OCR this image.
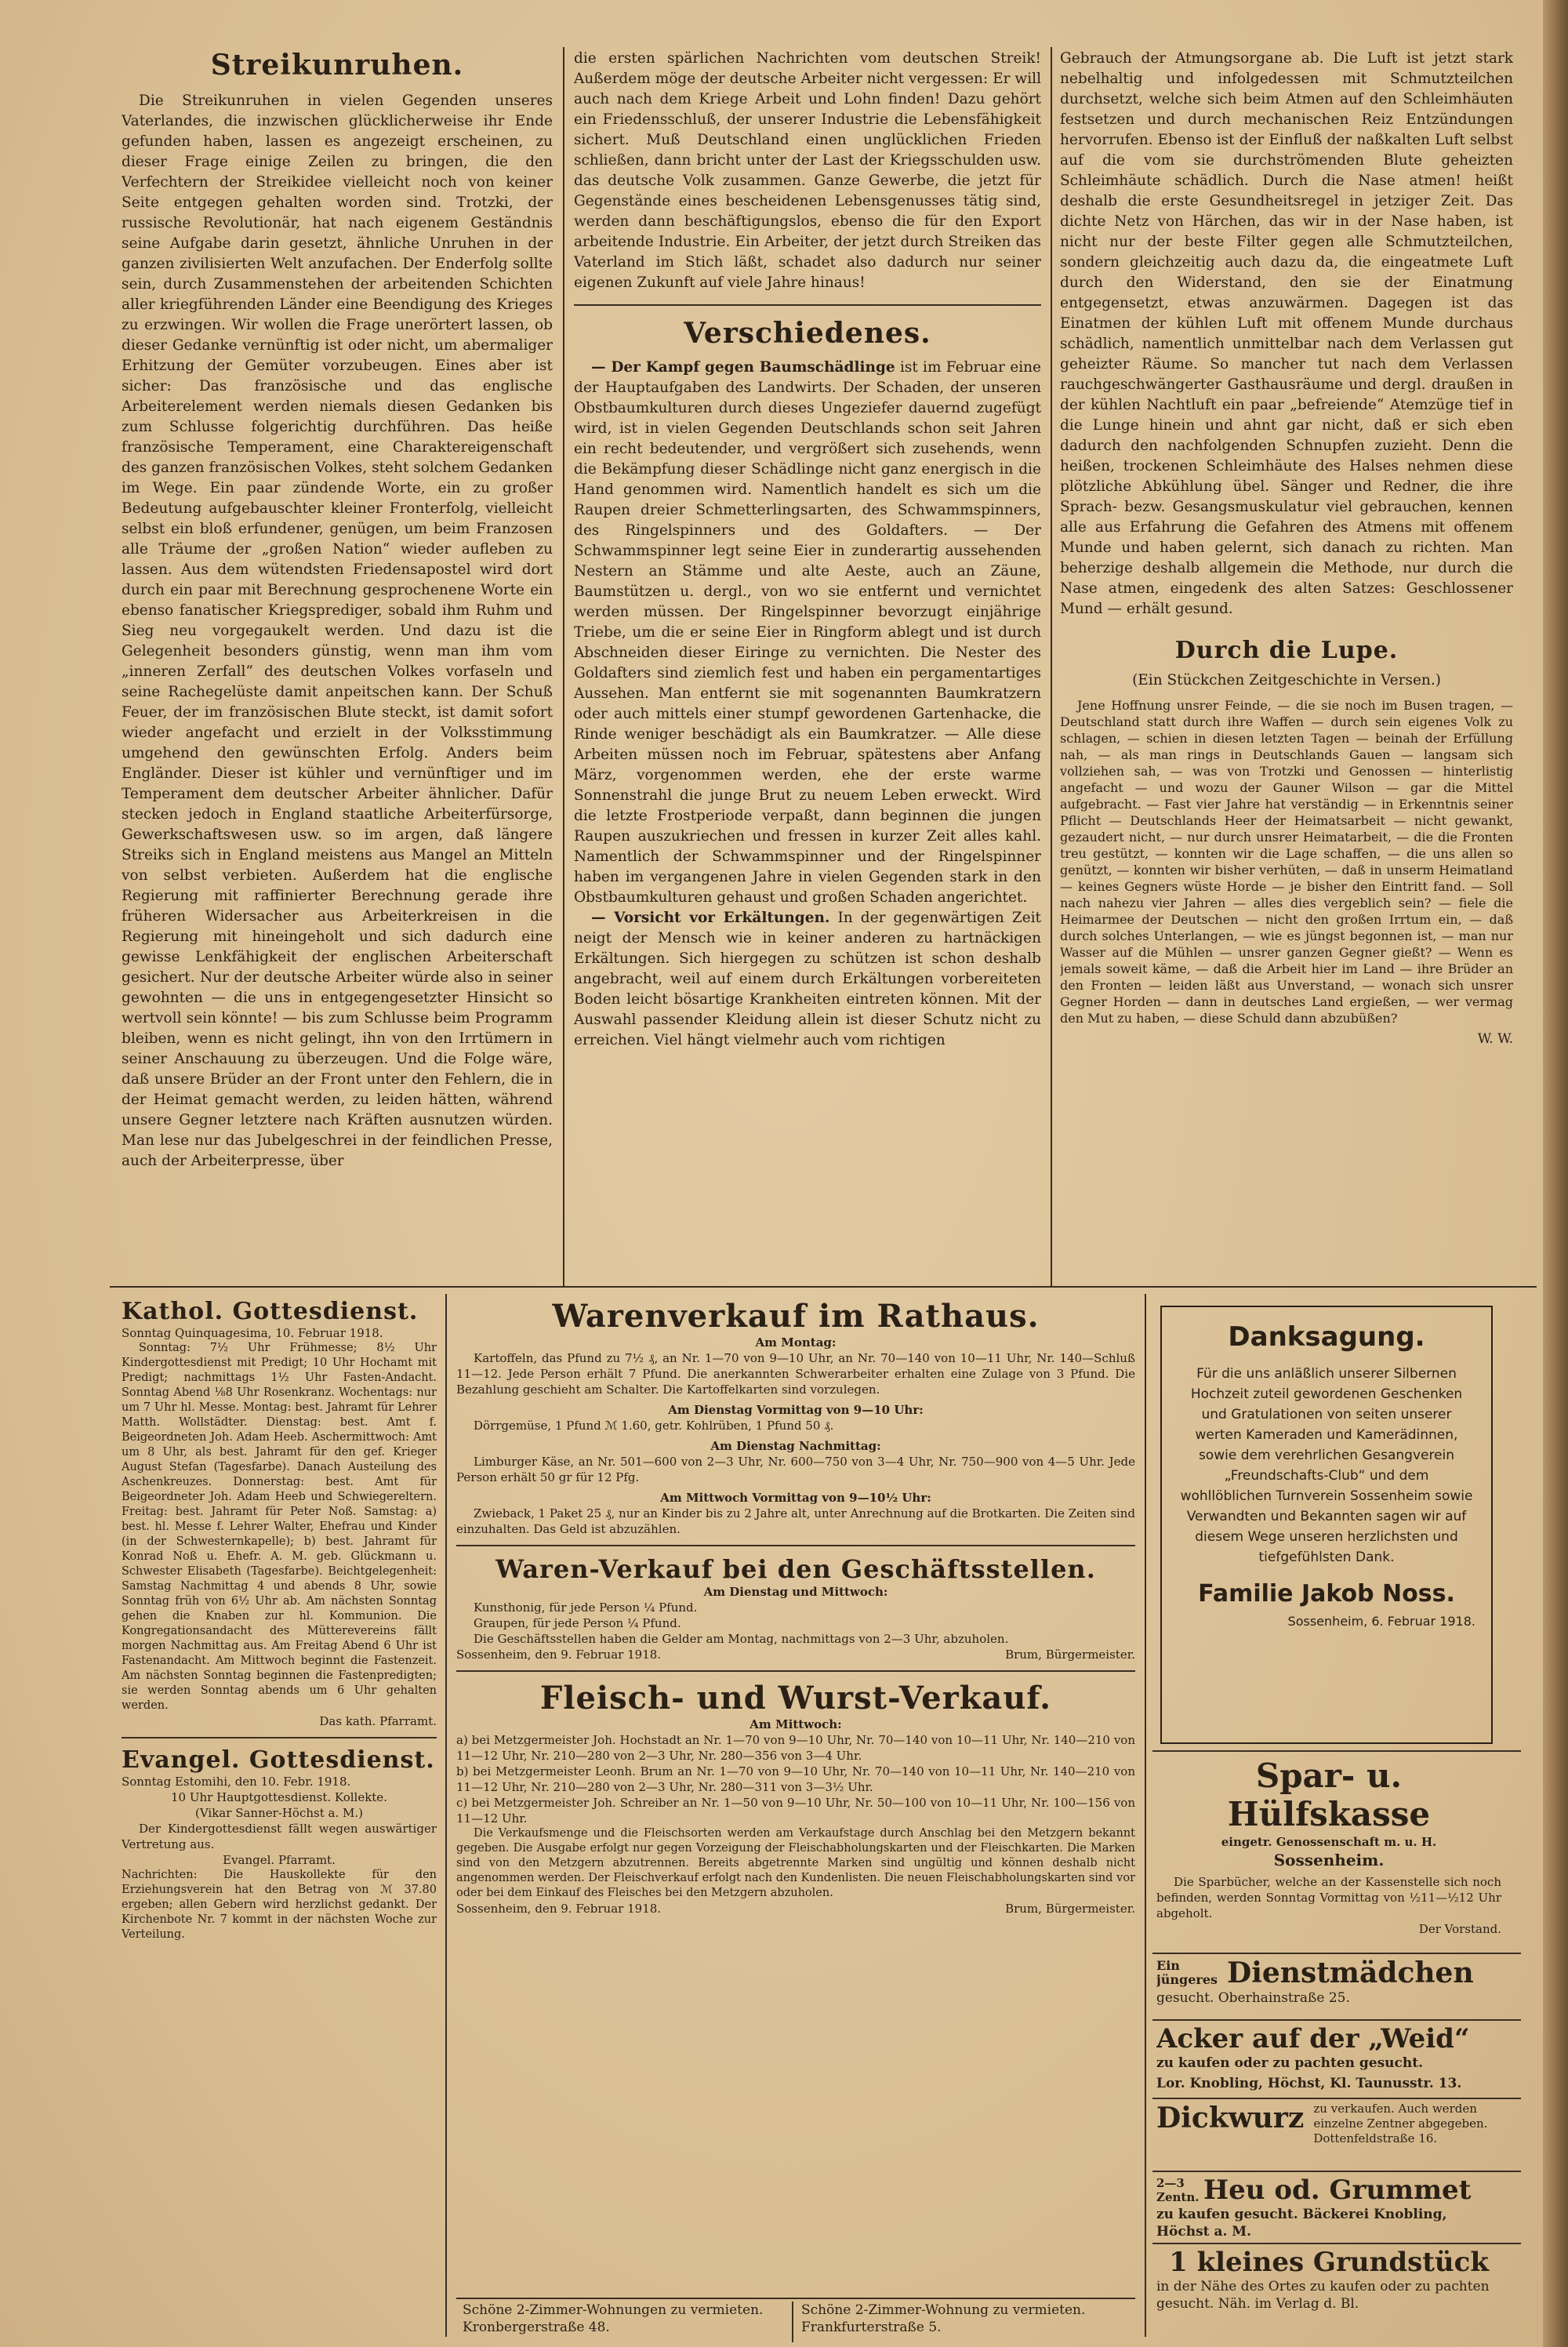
Streikunruhen.

Die Streikunruhen in vielen Gegenden unseres Vaterlandes, die inzwischen glücklicherweise ihr Ende gefunden haben, lassen es angezeigt erscheinen, zu dieser Frage einige Zeilen zu bringen, die den Verfechtern der Streikidee vielleicht noch von keiner Seite entgegen gehalten worden sind. Trotzki, der russische Revolutionär, hat nach eigenem Geständnis seine Aufgabe darin gesetzt, ähnliche Unruhen in der ganzen zivilisierten Welt anzufachen. Der Enderfolg sollte sein, durch Zusammenstehen der arbeitenden Schichten aller kriegführenden Länder eine Beendigung des Krieges zu erzwingen. Wir wollen die Frage unerörtert lassen, ob dieser Gedanke vernünftig ist oder nicht, um abermaliger Erhitzung der Gemüter vorzubeugen. Eines aber ist sicher: Das französische und das englische Arbeiterelement werden niemals diesen Gedanken bis zum Schlusse folgerichtig durchführen. Das heiße französische Temperament, eine Charaktereigenschaft des ganzen französischen Volkes, steht solchem Gedanken im Wege. Ein paar zündende Worte, ein zu großer Bedeutung aufgebauschter kleiner Fronterfolg, vielleicht selbst ein bloß erfundener, genügen, um beim Franzosen alle Träume der „großen Nation“ wieder aufleben zu lassen. Aus dem wütendsten Friedensapostel wird dort durch ein paar mit Berechnung gesprochenene Worte ein ebenso fanatischer Kriegsprediger, sobald ihm Ruhm und Sieg neu vorgegaukelt werden. Und dazu ist die Gelegenheit besonders günstig, wenn man ihm vom „inneren Zerfall“ des deutschen Volkes vorfaseln und seine Rachegelüste damit anpeitschen kann. Der Schuß Feuer, der im französischen Blute steckt, ist damit sofort wieder angefacht und erzielt in der Volksstimmung umgehend den gewünschten Erfolg. Anders beim Engländer. Dieser ist kühler und vernünftiger und im Temperament dem deutscher Arbeiter ähnlicher. Dafür stecken jedoch in England staatliche Arbeiterfürsorge, Gewerkschaftswesen usw. so im argen, daß längere Streiks sich in England meistens aus Mangel an Mitteln von selbst verbieten. Außerdem hat die englische Regierung mit raffinierter Berechnung gerade ihre früheren Widersacher aus Arbeiterkreisen in die Regierung mit hineingeholt und sich dadurch eine gewisse Lenkfähigkeit der englischen Arbeiterschaft gesichert. Nur der deutsche Arbeiter würde also in seiner gewohnten — die uns in entgegengesetzter Hinsicht so wertvoll sein könnte! — bis zum Schlusse beim Programm bleiben, wenn es nicht gelingt, ihn von den Irrtümern in seiner Anschauung zu überzeugen. Und die Folge wäre, daß unsere Brüder an der Front unter den Fehlern, die in der Heimat gemacht werden, zu leiden hätten, während unsere Gegner letztere nach Kräften ausnutzen würden. Man lese nur das Jubelgeschrei in der feindlichen Presse, auch der Arbeiterpresse, über

die ersten spärlichen Nachrichten vom deutschen Streik! Außerdem möge der deutsche Arbeiter nicht vergessen: Er will auch nach dem Kriege Arbeit und Lohn finden! Dazu gehört ein Friedensschluß, der unserer Industrie die Lebensfähigkeit sichert. Muß Deutschland einen unglücklichen Frieden schließen, dann bricht unter der Last der Kriegsschulden usw. das deutsche Volk zusammen. Ganze Gewerbe, die jetzt für Gegenstände eines bescheidenen Lebensgenusses tätig sind, werden dann beschäftigungslos, ebenso die für den Export arbeitende Industrie. Ein Arbeiter, der jetzt durch Streiken das Vaterland im Stich läßt, schadet also dadurch nur seiner eigenen Zukunft auf viele Jahre hinaus!

Verschiedenes.

— Der Kampf gegen Baumschädlinge ist im Februar eine der Hauptaufgaben des Landwirts. Der Schaden, der unseren Obstbaumkulturen durch dieses Ungeziefer dauernd zugefügt wird, ist in vielen Gegenden Deutschlands schon seit Jahren ein recht bedeutender, und vergrößert sich zusehends, wenn die Bekämpfung dieser Schädlinge nicht ganz energisch in die Hand genommen wird. Namentlich handelt es sich um die Raupen dreier Schmetterlingsarten, des Schwammspinners, des Ringelspinners und des Goldafters. — Der Schwammspinner legt seine Eier in zunderartig aussehenden Nestern an Stämme und alte Aeste, auch an Zäune, Baumstützen u. dergl., von wo sie entfernt und vernichtet werden müssen. Der Ringelspinner bevorzugt einjährige Triebe, um die er seine Eier in Ringform ablegt und ist durch Abschneiden dieser Eiringe zu vernichten. Die Nester des Goldafters sind ziemlich fest und haben ein pergamentartiges Aussehen. Man entfernt sie mit sogenannten Baumkratzern oder auch mittels einer stumpf gewordenen Gartenhacke, die Rinde weniger beschädigt als ein Baumkratzer. — Alle diese Arbeiten müssen noch im Februar, spätestens aber Anfang März, vorgenommen werden, ehe der erste warme Sonnenstrahl die junge Brut zu neuem Leben erweckt. Wird die letzte Frostperiode verpaßt, dann beginnen die jungen Raupen auszukriechen und fressen in kurzer Zeit alles kahl. Namentlich der Schwammspinner und der Ringelspinner haben im vergangenen Jahre in vielen Gegenden stark in den Obstbaumkulturen gehaust und großen Schaden angerichtet.

— Vorsicht vor Erkältungen. In der gegenwärtigen Zeit neigt der Mensch wie in keiner anderen zu hartnäckigen Erkältungen. Sich hiergegen zu schützen ist schon deshalb angebracht, weil auf einem durch Erkältungen vorbereiteten Boden leicht bösartige Krankheiten eintreten können. Mit der Auswahl passender Kleidung allein ist dieser Schutz nicht zu erreichen. Viel hängt vielmehr auch vom richtigen

Gebrauch der Atmungsorgane ab. Die Luft ist jetzt stark nebelhaltig und infolgedessen mit Schmutzteilchen durchsetzt, welche sich beim Atmen auf den Schleimhäuten festsetzen und durch mechanischen Reiz Entzündungen hervorrufen. Ebenso ist der Einfluß der naßkalten Luft selbst auf die vom sie durchströmenden Blute geheizten Schleimhäute schädlich. Durch die Nase atmen! heißt deshalb die erste Gesundheitsregel in jetziger Zeit. Das dichte Netz von Härchen, das wir in der Nase haben, ist nicht nur der beste Filter gegen alle Schmutzteilchen, sondern gleichzeitig auch dazu da, die eingeatmete Luft durch den Widerstand, den sie der Einatmung entgegensetzt, etwas anzuwärmen. Dagegen ist das Einatmen der kühlen Luft mit offenem Munde durchaus schädlich, namentlich unmittelbar nach dem Verlassen gut geheizter Räume. So mancher tut nach dem Verlassen rauchgeschwängerter Gasthausräume und dergl. draußen in der kühlen Nachtluft ein paar „befreiende“ Atemzüge tief in die Lunge hinein und ahnt gar nicht, daß er sich eben dadurch den nachfolgenden Schnupfen zuzieht. Denn die heißen, trockenen Schleimhäute des Halses nehmen diese plötzliche Abkühlung übel. Sänger und Redner, die ihre Sprach- bezw. Gesangsmuskulatur viel gebrauchen, kennen alle aus Erfahrung die Gefahren des Atmens mit offenem Munde und haben gelernt, sich danach zu richten. Man beherzige deshalb allgemein die Methode, nur durch die Nase atmen, eingedenk des alten Satzes: Geschlossener Mund — erhält gesund.

Durch die Lupe.

(Ein Stückchen Zeitgeschichte in Versen.)

Jene Hoffnung unsrer Feinde, — die sie noch im Busen tragen, — Deutschland statt durch ihre Waffen — durch sein eigenes Volk zu schlagen, — schien in diesen letzten Tagen — beinah der Erfüllung nah, — als man rings in Deutschlands Gauen — langsam sich vollziehen sah, — was von Trotzki und Genossen — hinterlistig angefacht — und wozu der Gauner Wilson — gar die Mittel aufgebracht. — Fast vier Jahre hat verständig — in Erkenntnis seiner Pflicht — Deutschlands Heer der Heimatsarbeit — nicht gewankt, gezaudert nicht, — nur durch unsrer Heimatarbeit, — die die Fronten treu gestützt, — konnten wir die Lage schaffen, — die uns allen so genützt, — konnten wir bisher verhüten, — daß in unserm Heimatland — keines Gegners wüste Horde — je bisher den Eintritt fand. — Soll nach nahezu vier Jahren — alles dies vergeblich sein? — fiele die Heimarmee der Deutschen — nicht den großen Irrtum ein, — daß durch solches Unterlangen, — wie es jüngst begonnen ist, — man nur Wasser auf die Mühlen — unsrer ganzen Gegner gießt? — Wenn es jemals soweit käme, — daß die Arbeit hier im Land — ihre Brüder an den Fronten — leiden läßt aus Unverstand, — wonach sich unsrer Gegner Horden — dann in deutsches Land ergießen, — wer vermag den Mut zu haben, — diese Schuld dann abzubüßen?

W. W.

Kathol. Gottesdienst.

Sonntag Quinquagesima, 10. Februar 1918.

Sonntag: 7½ Uhr Frühmesse; 8½ Uhr Kindergottesdienst mit Predigt; 10 Uhr Hochamt mit Predigt; nachmittags 1½ Uhr Fasten-Andacht. Sonntag Abend ⅛8 Uhr Rosenkranz. Wochentags: nur um 7 Uhr hl. Messe. Montag: best. Jahramt für Lehrer Matth. Wollstädter. Dienstag: best. Amt f. Beigeordneten Joh. Adam Heeb. Aschermittwoch: Amt um 8 Uhr, als best. Jahramt für den gef. Krieger August Stefan (Tagesfarbe). Danach Austeilung des Aschenkreuzes. Donnerstag: best. Amt für Beigeordneter Joh. Adam Heeb und Schwiegereltern. Freitag: best. Jahramt für Peter Noß. Samstag: a) best. hl. Messe f. Lehrer Walter, Ehefrau und Kinder (in der Schwesternkapelle); b) best. Jahramt für Konrad Noß u. Ehefr. A. M. geb. Glückmann u. Schwester Elisabeth (Tagesfarbe). Beichtgelegenheit: Samstag Nachmittag 4 und abends 8 Uhr, sowie Sonntag früh von 6½ Uhr ab. Am nächsten Sonntag gehen die Knaben zur hl. Kommunion. Die Kongregationsandacht des Mütterevereins fällt morgen Nachmittag aus. Am Freitag Abend 6 Uhr ist Fastenandacht. Am Mittwoch beginnt die Fastenzeit. Am nächsten Sonntag beginnen die Fastenpredigten; sie werden Sonntag abends um 6 Uhr gehalten werden.

Das kath. Pfarramt.

Evangel. Gottesdienst.

Sonntag Estomihi, den 10. Febr. 1918.

10 Uhr Hauptgottesdienst. Kollekte.

(Vikar Sanner-Höchst a. M.)

Der Kindergottesdienst fällt wegen auswärtiger Vertretung aus.

Evangel. Pfarramt.

Nachrichten: Die Hauskollekte für den Erziehungsverein hat den Betrag von ℳ 37.80 ergeben; allen Gebern wird herzlichst gedankt. Der Kirchenbote Nr. 7 kommt in der nächsten Woche zur Verteilung.

Warenverkauf im Rathaus.

Am Montag:

Kartoffeln, das Pfund zu 7½ ₰, an Nr. 1—70 von 9—10 Uhr, an Nr. 70—140 von 10—11 Uhr, Nr. 140—Schluß 11—12. Jede Person erhält 7 Pfund. Die anerkannten Schwerarbeiter erhalten eine Zulage von 3 Pfund. Die Bezahlung geschieht am Schalter. Die Kartoffelkarten sind vorzulegen.

Am Dienstag Vormittag von 9—10 Uhr:

Dörrgemüse, 1 Pfund ℳ 1.60, getr. Kohlrüben, 1 Pfund 50 ₰.

Am Dienstag Nachmittag:

Limburger Käse, an Nr. 501—600 von 2—3 Uhr, Nr. 600—750 von 3—4 Uhr, Nr. 750—900 von 4—5 Uhr. Jede Person erhält 50 gr für 12 Pfg.

Am Mittwoch Vormittag von 9—10½ Uhr:

Zwieback, 1 Paket 25 ₰, nur an Kinder bis zu 2 Jahre alt, unter Anrechnung auf die Brotkarten. Die Zeiten sind einzuhalten. Das Geld ist abzuzählen.

Waren-Verkauf bei den Geschäftsstellen.

Am Dienstag und Mittwoch:

Kunsthonig, für jede Person ¼ Pfund.

Graupen, für jede Person ¼ Pfund.

Die Geschäftsstellen haben die Gelder am Montag, nachmittags von 2—3 Uhr, abzuholen.

Sossenheim, den 9. Februar 1918.	Brum, Bürgermeister.
Fleisch- und Wurst-Verkauf.

Am Mittwoch:

a) bei Metzgermeister Joh. Hochstadt an Nr. 1—70 von 9—10 Uhr, Nr. 70—140 von 10—11 Uhr, Nr. 140—210 von 11—12 Uhr, Nr. 210—280 von 2—3 Uhr, Nr. 280—356 von 3—4 Uhr.

b) bei Metzgermeister Leonh. Brum an Nr. 1—70 von 9—10 Uhr, Nr. 70—140 von 10—11 Uhr, Nr. 140—210 von 11—12 Uhr, Nr. 210—280 von 2—3 Uhr, Nr. 280—311 von 3—3½ Uhr.

c) bei Metzgermeister Joh. Schreiber an Nr. 1—50 von 9—10 Uhr, Nr. 50—100 von 10—11 Uhr, Nr. 100—156 von 11—12 Uhr.

Die Verkaufsmenge und die Fleischsorten werden am Verkaufstage durch Anschlag bei den Metzgern bekannt gegeben. Die Ausgabe erfolgt nur gegen Vorzeigung der Fleischabholungskarten und der Fleischkarten. Die Marken sind von den Metzgern abzutrennen. Bereits abgetrennte Marken sind ungültig und können deshalb nicht angenommen werden. Der Fleischverkauf erfolgt nach den Kundenlisten. Die neuen Fleischabholungskarten sind vor oder bei dem Einkauf des Fleisches bei den Metzgern abzuholen.

Sossenheim, den 9. Februar 1918.	Brum, Bürgermeister.

Schöne 2-Zimmer-Wohnungen zu vermieten. Kronbergerstraße 48.

Schöne 2-Zimmer-Wohnung zu vermieten. Frankfurterstraße 5.

Danksagung.

Für die uns anläßlich unserer Silbernen Hochzeit zuteil gewordenen Geschenken und Gratulationen von seiten unserer werten Kameraden und Kamerädinnen, sowie dem verehrlichen Gesangverein „Freundschafts-Club“ und dem wohllöblichen Turnverein Sossenheim sowie Verwandten und Bekannten sagen wir auf diesem Wege unseren herzlichsten und tiefgefühlsten Dank.

Familie Jakob Noss.

Sossenheim, 6. Februar 1918.

Spar- u. Hülfskasse

eingetr. Genossenschaft m. u. H.

Sossenheim.

Die Sparbücher, welche an der Kassenstelle sich noch befinden, werden Sonntag Vormittag von ½11—½12 Uhr abgeholt.

Der Vorstand.

Ein jüngeres Dienstmädchen

gesucht. Oberhainstraße 25.

Acker auf der „Weid“

zu kaufen oder zu pachten gesucht.

Lor. Knobling, Höchst, Kl. Taunusstr. 13.

Dickwurz zu verkaufen. Auch werden einzelne Zentner abgegeben. Dottenfeldstraße 16.
2—3 Zentn. Heu od. Grummet

zu kaufen gesucht. Bäckerei Knobling, Höchst a. M.

1 kleines Grundstück

in der Nähe des Ortes zu kaufen oder zu pachten gesucht. Näh. im Verlag d. Bl.
